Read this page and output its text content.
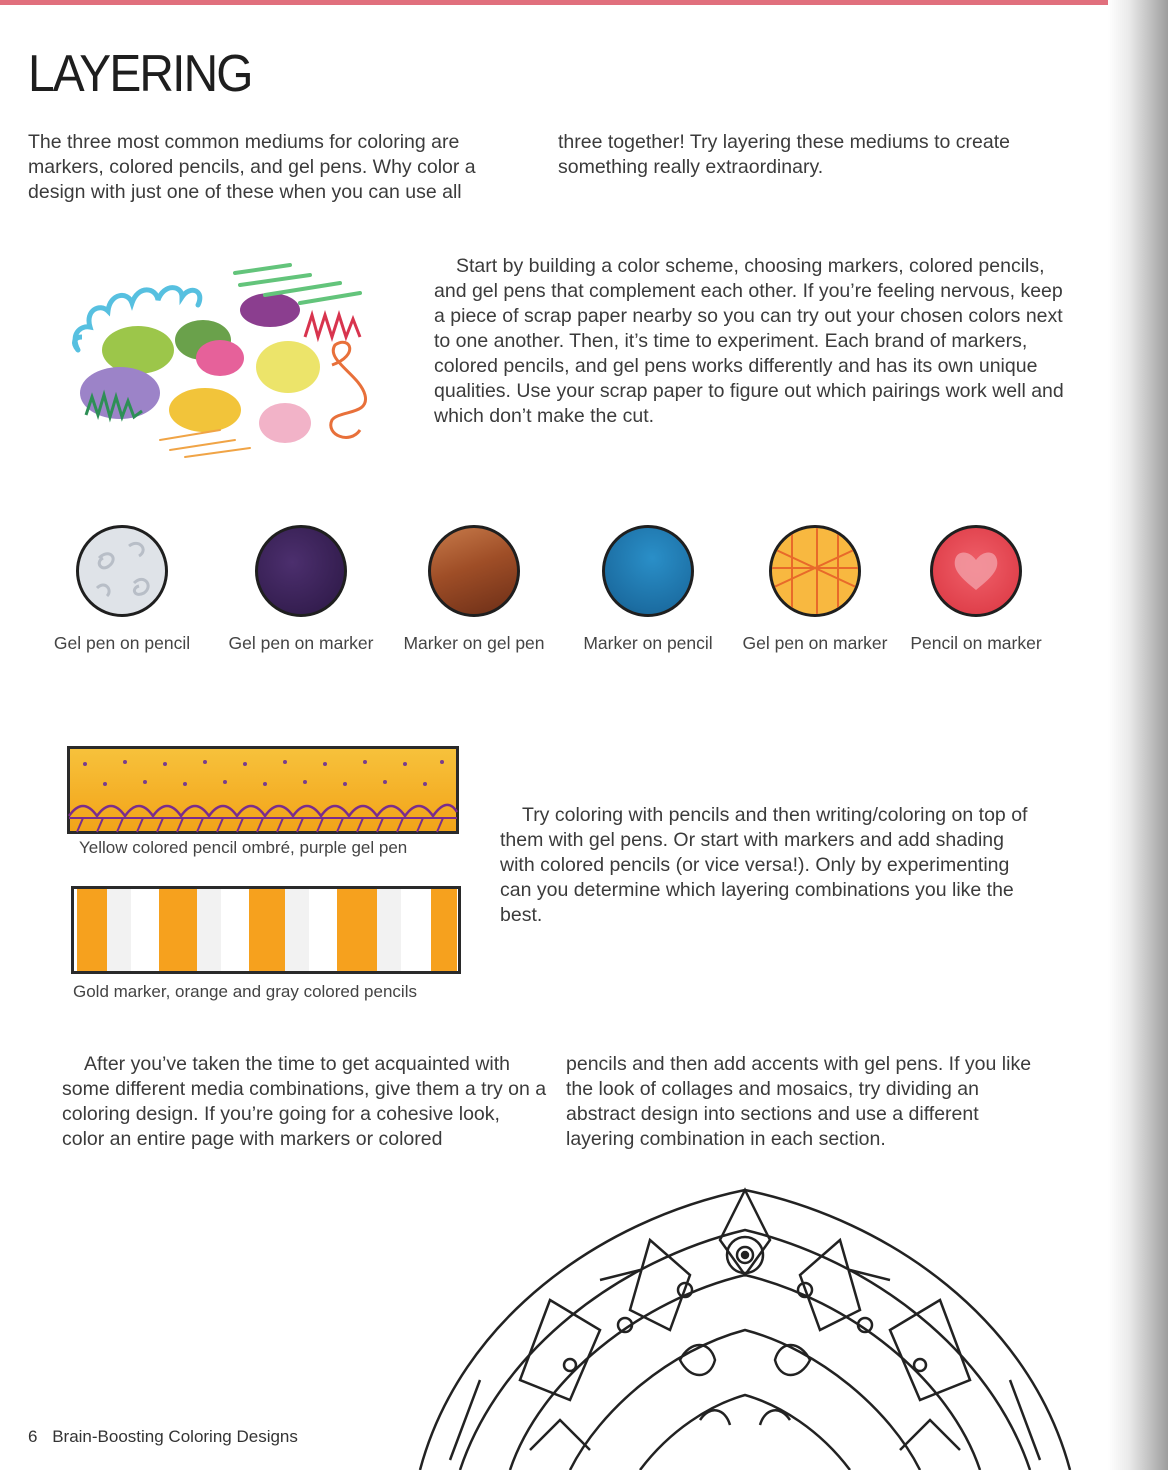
LAYERING

The three most common mediums for coloring are markers, colored pencils, and gel pens. Why color a design with just one of these when you can use all

three together! Try layering these mediums to create something really extraordinary.

Start by building a color scheme, choosing markers, colored pencils, and gel pens that complement each other. If you’re feeling nervous, keep a piece of scrap paper nearby so you can try out your chosen colors next to one another. Then, it’s time to experiment. Each brand of markers, colored pencils, and gel pens works differently and has its own unique qualities. Use your scrap paper to figure out which pairings work well and which don’t make the cut.

Gel pen on pencil	Gel pen on marker	Marker on gel pen	Marker on pencil	Gel pen on marker	Pencil on marker

Yellow colored pencil ombré, purple gel pen

Gold marker, orange and gray colored pencils

Try coloring with pencils and then writing/coloring on top of them with gel pens. Or start with markers and add shading with colored pencils (or vice versa!). Only by experimenting can you determine which layering combinations you like the best.

After you’ve taken the time to get acquainted with some different media combinations, give them a try on a coloring design. If you’re going for a cohesive look, color an entire page with markers or colored

pencils and then add accents with gel pens. If you like the look of collages and mosaics, try dividing an abstract design into sections and use a different layering combination in each section.

6 Brain-Boosting Coloring Designs
